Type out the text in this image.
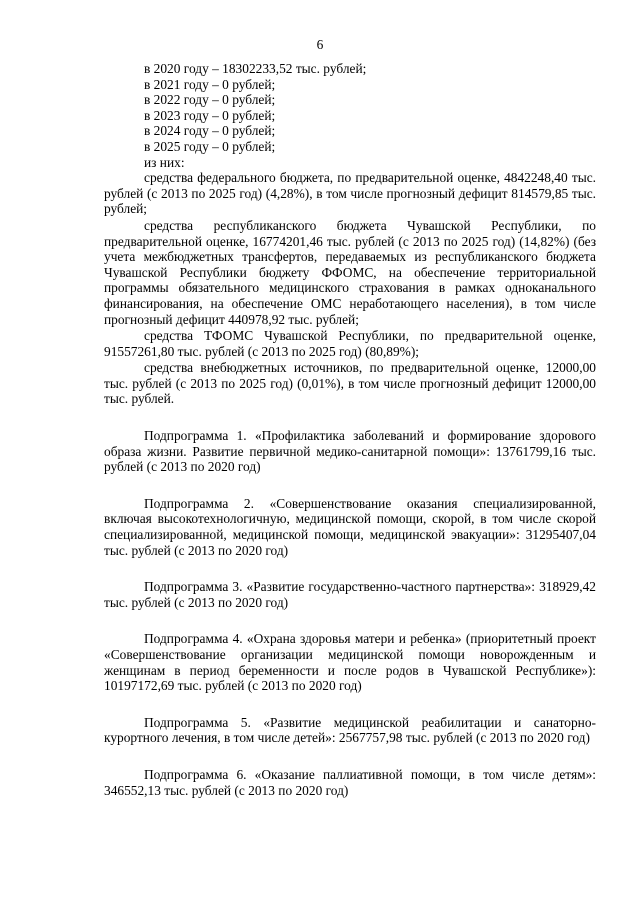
6
в 2020 году – 18302233,52 тыс. рублей;
в 2021 году – 0 рублей;
в 2022 году – 0 рублей;
в 2023 году – 0 рублей;
в 2024 году – 0 рублей;
в 2025 году – 0 рублей;
из них:

средства федерального бюджета, по предварительной оценке, 4842248,40 тыс. рублей (с 2013 по 2025 год) (4,28%), в том числе прогнозный дефицит 814579,85 тыс. рублей;

средства республиканского бюджета Чувашской Республики, по предварительной оценке, 16774201,46 тыс. рублей (с 2013 по 2025 год) (14,82%) (без учета межбюджетных трансфертов, передаваемых из республиканского бюджета Чувашской Республики бюджету ФФОМС, на обеспечение территориальной программы обязательного медицинского страхования в рамках одноканального финансирования, на обеспечение ОМС неработающего населения), в том числе прогнозный дефицит 440978,92 тыс. рублей;

средства ТФОМС Чувашской Республики, по предварительной оценке, 91557261,80 тыс. рублей (с 2013 по 2025 год) (80,89%);

средства внебюджетных источников, по предварительной оценке, 12000,00 тыс. рублей (с 2013 по 2025 год) (0,01%), в том числе прогнозный дефицит 12000,00 тыс. рублей.

Подпрограмма 1. «Профилактика заболеваний и формирование здорового образа жизни. Развитие первичной медико-санитарной помощи»: 13761799,16 тыс. рублей (с 2013 по 2020 год)

Подпрограмма 2. «Совершенствование оказания специализированной, включая высокотехнологичную, медицинской помощи, скорой, в том числе скорой специализированной, медицинской помощи, медицинской эвакуации»: 31295407,04 тыс. рублей (с 2013 по 2020 год)

Подпрограмма 3. «Развитие государственно-частного партнерства»: 318929,42 тыс. рублей (с 2013 по 2020 год)

Подпрограмма 4. «Охрана здоровья матери и ребенка» (приоритетный проект «Совершенствование организации медицинской помощи новорожденным и женщинам в период беременности и после родов в Чувашской Республике»): 10197172,69 тыс. рублей (с 2013 по 2020 год)

Подпрограмма 5. «Развитие медицинской реабилитации и санаторно-курортного лечения, в том числе детей»: 2567757,98 тыс. рублей (с 2013 по 2020 год)

Подпрограмма 6. «Оказание паллиативной помощи, в том числе детям»: 346552,13 тыс. рублей (с 2013 по 2020 год)
